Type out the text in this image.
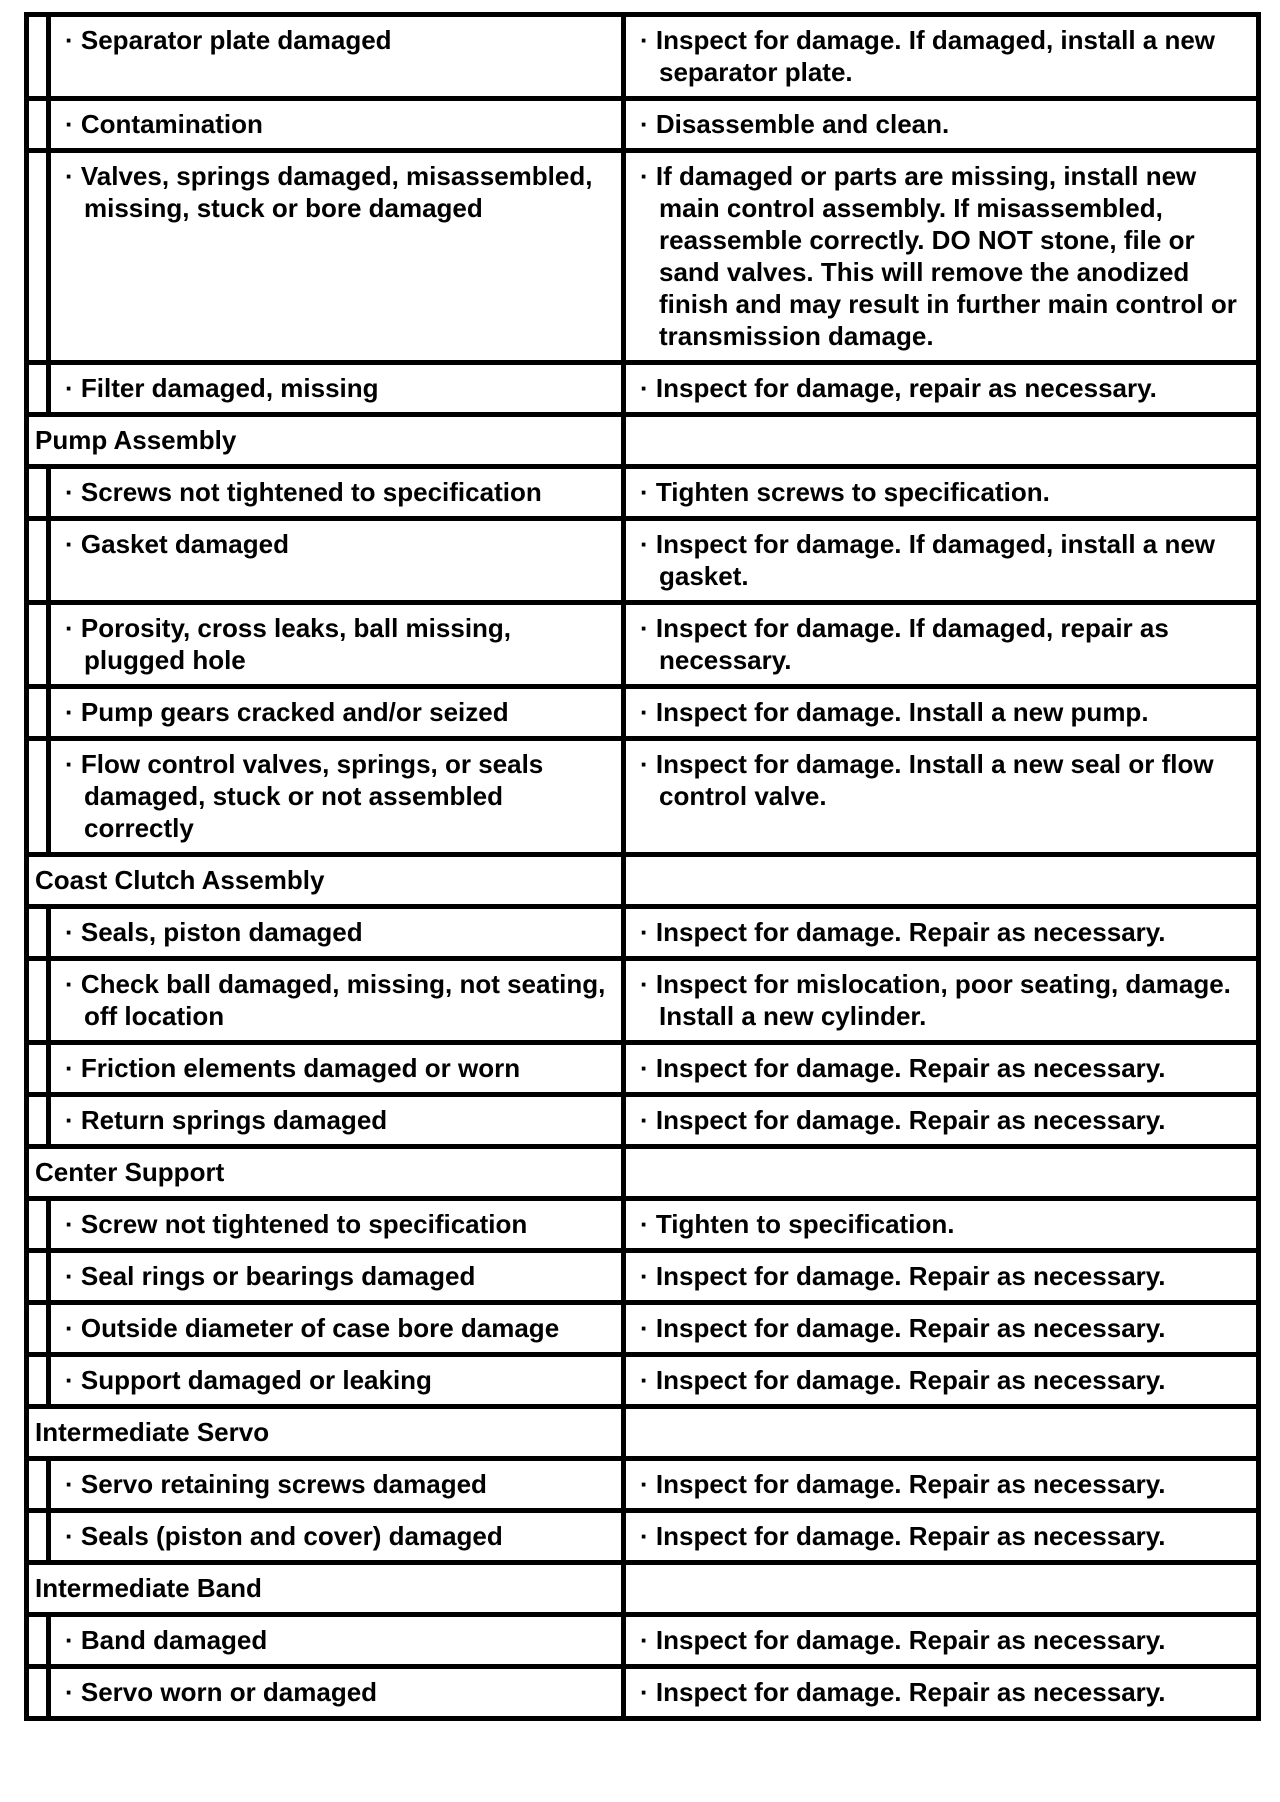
	· Separator plate damaged	· Inspect for damage. If damaged, install a new separator plate.

	· Contamination	· Disassemble and clean.

	· Valves, springs damaged, misassembled, missing, stuck or bore damaged	· If damaged or parts are missing, install new main control assembly. If misassembled, reassemble correctly. DO NOT stone, file or sand valves. This will remove the anodized finish and may result in further main control or transmission damage.

	· Filter damaged, missing	· Inspect for damage, repair as necessary.

Pump Assembly		

	· Screws not tightened to specification	· Tighten screws to specification.

	· Gasket damaged	· Inspect for damage. If damaged, install a new gasket.

	· Porosity, cross leaks, ball missing, plugged hole	· Inspect for damage. If damaged, repair as necessary.

	· Pump gears cracked and/or seized	· Inspect for damage. Install a new pump.

	· Flow control valves, springs, or seals damaged, stuck or not assembled correctly	· Inspect for damage. Install a new seal or flow control valve.

Coast Clutch Assembly		

	· Seals, piston damaged	· Inspect for damage. Repair as necessary.

	· Check ball damaged, missing, not seating, off location	· Inspect for mislocation, poor seating, damage. Install a new cylinder.

	· Friction elements damaged or worn	· Inspect for damage. Repair as necessary.

	· Return springs damaged	· Inspect for damage. Repair as necessary.

Center Support		

	· Screw not tightened to specification	· Tighten to specification.

	· Seal rings or bearings damaged	· Inspect for damage. Repair as necessary.

	· Outside diameter of case bore damage	· Inspect for damage. Repair as necessary.

	· Support damaged or leaking	· Inspect for damage. Repair as necessary.

Intermediate Servo		

	· Servo retaining screws damaged	· Inspect for damage. Repair as necessary.

	· Seals (piston and cover) damaged	· Inspect for damage. Repair as necessary.

Intermediate Band		

	· Band damaged	· Inspect for damage. Repair as necessary.

	· Servo worn or damaged	· Inspect for damage. Repair as necessary.
